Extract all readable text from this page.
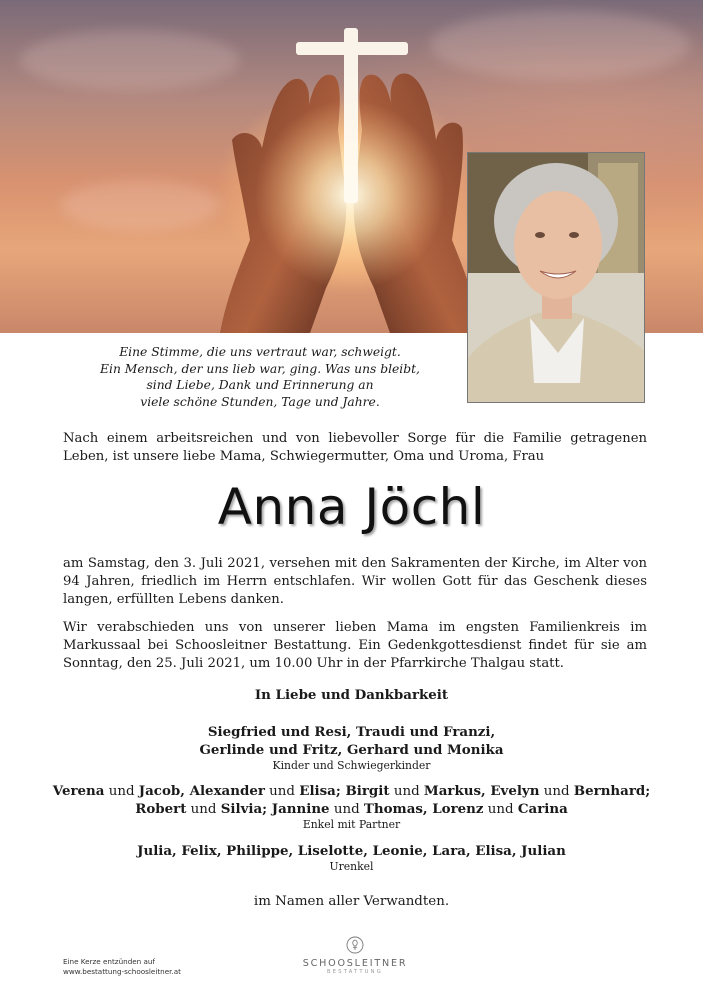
Eine Stimme, die uns vertraut war, schweigt.
Ein Mensch, der uns lieb war, ging. Was uns bleibt,
sind Liebe, Dank und Erinnerung an
viele schöne Stunden, Tage und Jahre.
Nach einem arbeitsreichen und von liebevoller Sorge für die Familie getragenen Leben, ist unsere liebe Mama, Schwiegermutter, Oma und Uroma, Frau
Anna Jöchl
am Samstag, den 3. Juli 2021, versehen mit den Sakramenten der Kirche, im Alter von 94 Jahren, friedlich im Herrn entschlafen. Wir wollen Gott für das Geschenk dieses langen, erfüllten Lebens danken.
Wir verabschieden uns von unserer lieben Mama im engsten Familienkreis im Markussaal bei Schoosleitner Bestattung. Ein Gedenkgottesdienst findet für sie am Sonntag, den 25. Juli 2021, um 10.00 Uhr in der Pfarrkirche Thalgau statt.
In Liebe und Dankbarkeit
Siegfried und Resi, Traudi und Franzi,
Gerlinde und Fritz, Gerhard und Monika
Kinder und Schwiegerkinder
Verena und Jacob, Alexander und Elisa; Birgit und Markus, Evelyn und Bernhard;
Robert und Silvia; Jannine und Thomas, Lorenz und Carina
Enkel mit Partner
Julia, Felix, Philippe, Liselotte, Leonie, Lara, Elisa, Julian
Urenkel
im Namen aller Verwandten.
Eine Kerze entzünden auf
www.bestattung-schoosleitner.at
SCHOOSLEITNER
BESTATTUNG
